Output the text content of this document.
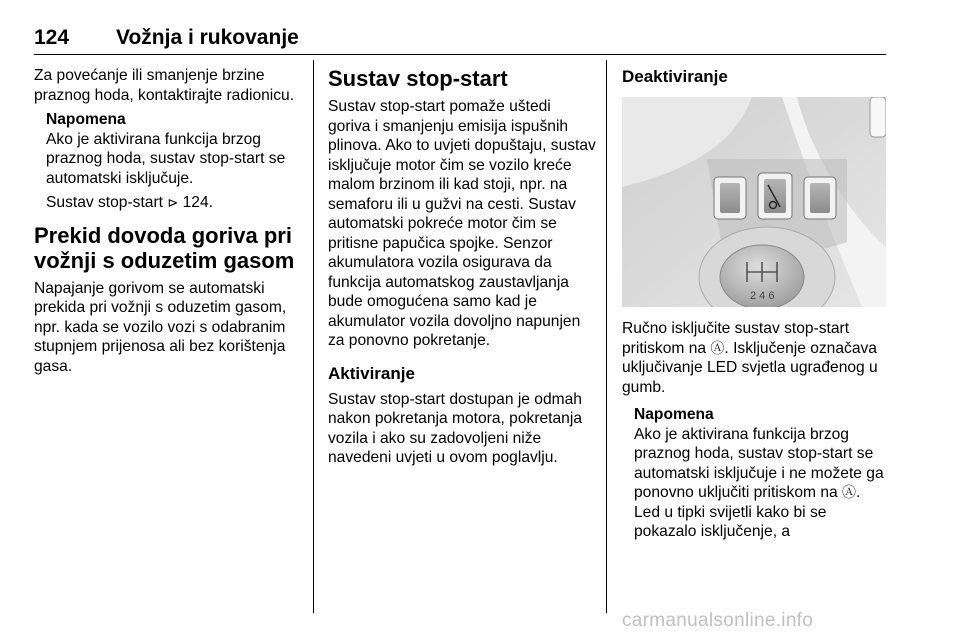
124 Vožnja i rukovanje

Za povećanje ili smanjenje brzine praznog hoda, kontaktirajte radionicu.

Napomena

Ako je aktivirana funkcija brzog praznog hoda, sustav stop-start se automatski isključuje.

Sustav stop-start ⊳ 124.

Prekid dovoda goriva pri vožnji s oduzetim gasom

Napajanje gorivom se automatski prekida pri vožnji s oduzetim gasom, npr. kada se vozilo vozi s odabranim stupnjem prijenosa ali bez korištenja gasa.

Sustav stop-start

Sustav stop-start pomaže uštedi goriva i smanjenju emisija ispušnih plinova. Ako to uvjeti dopuštaju, sustav isključuje motor čim se vozilo kreće malom brzinom ili kad stoji, npr. na semaforu ili u gužvi na cesti. Sustav automatski pokreće motor čim se pritisne papučica spojke. Senzor akumulatora vozila osigurava da funkcija automatskog zaustavljanja bude omogućena samo kad je akumulator vozila dovoljno napunjen za ponovno pokretanje.

Aktiviranje

Sustav stop-start dostupan je odmah nakon pokretanja motora, pokretanja vozila i ako su zadovoljeni niže navedeni uvjeti u ovom poglavlju.

Deaktiviranje
2 4 6

Ručno isključite sustav stop-start pritiskom na Ⓐ. Isključenje označava uključivanje LED svjetla ugrađenog u gumb.

Napomena

Ako je aktivirana funkcija brzog praznog hoda, sustav stop-start se automatski isključuje i ne možete ga ponovno uključiti pritiskom na Ⓐ. Led u tipki svijetli kako bi se pokazalo isključenje, a

carmanualsonline.info
